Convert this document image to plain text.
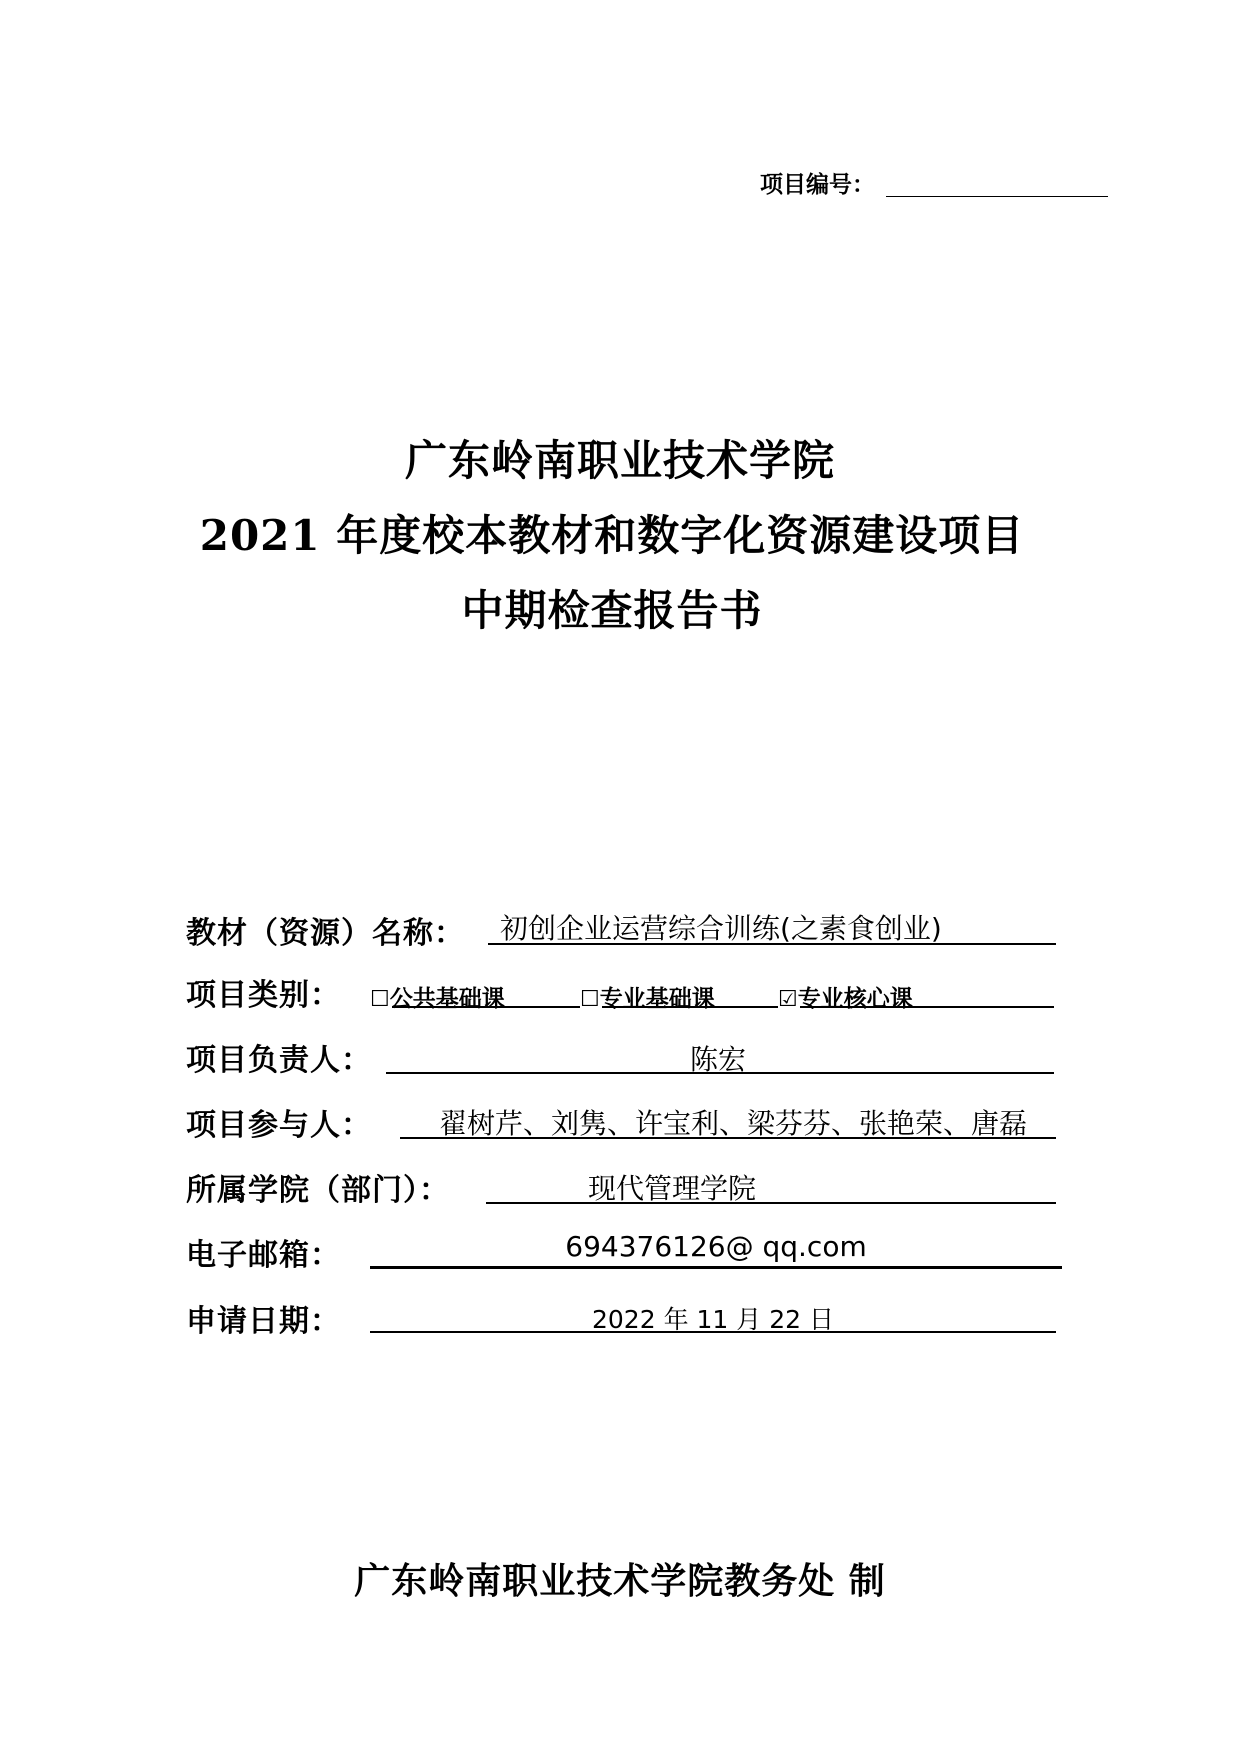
项目编号：
广东岭南职业技术学院
2021 年度校本教材和数字化资源建设项目
中期检查报告书
教材（资源）名称： 初创企业运营综合训练(之素食创业)
项目类别： ☐公共基础课	☐专业基础课	☑专业核心课
项目负责人：	陈宏
项目参与人：	翟树芹、刘隽、许宝利、梁芬芬、张艳荣、唐磊
所属学院（部门）：	现代管理学院
电子邮箱：	694376126@ qq.com
申请日期：	2022 年 11 月 22 日
广东岭南职业技术学院教务处 制
